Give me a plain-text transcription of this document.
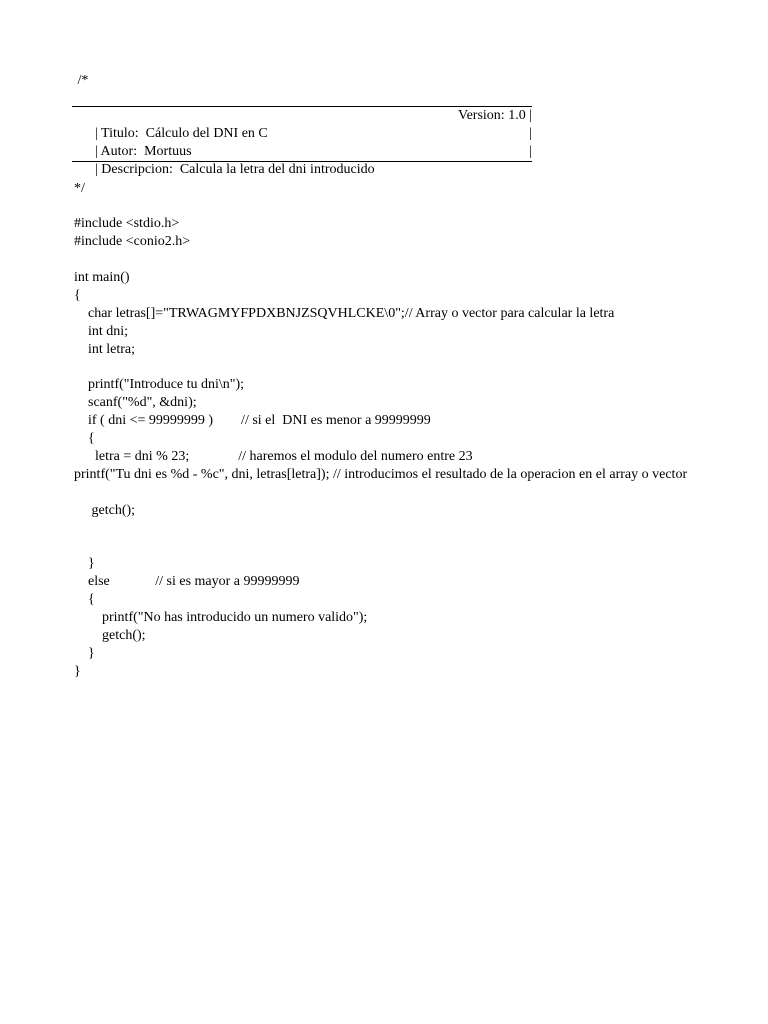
/*

| Titulo:  Cálculo del DNI en C

Version: 1.0 |

| Autor:  Mortuus

|

| Descripcion:  Calcula la letra del dni introducido

|

*/
#include <stdio.h>
#include <conio2.h>
int main()
{
char letras[]="TRWAGMYFPDXBNJZSQVHLCKE\0";// Array o vector para calcular la letra
int dni;
int letra;
printf("Introduce tu dni\n");
scanf("%d", &dni);
if ( dni <= 99999999 )        // si el  DNI es menor a 99999999
{
letra = dni % 23;              // haremos el modulo del numero entre 23
printf("Tu dni es %d - %c", dni, letras[letra]); // introducimos el resultado de la operacion en el array o vector
getch();
}
else             // si es mayor a 99999999
{
printf("No has introducido un numero valido");
getch();
}
}
